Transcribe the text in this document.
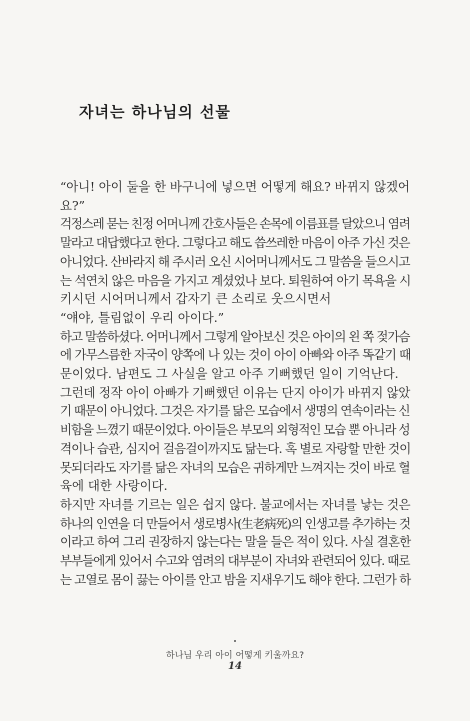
자녀는 하나님의 선물
“아니! 아이 둘을 한 바구니에 넣으면 어떻게 해요? 바뀌지 않겠어
요?”
걱정스레 묻는 친정 어머니께 간호사들은 손목에 이름표를 달았으니 염려
말라고 대답했다고 한다. 그렇다고 해도 씁쓰레한 마음이 아주 가신 것은
아니었다. 산바라지 해 주시러 오신 시어머니께서도 그 말씀을 들으시고
는 석연치 않은 마음을 가지고 계셨었나 보다. 퇴원하여 아기 목욕을 시
키시던 시어머니께서 갑자기 큰 소리로 웃으시면서
“얘야, 틀림없이 우리 아이다.”
하고 말씀하셨다. 어머니께서 그렇게 알아보신 것은 아이의 왼 쪽 젖가슴
에 가무스름한 자국이 양쪽에 나 있는 것이 아이 아빠와 아주 똑같기 때
문이었다. 남편도 그 사실을 알고 아주 기뻐했던 일이 기억난다.
그런데 정작 아이 아빠가 기뻐했던 이유는 단지 아이가 바뀌지 않았
기 때문이 아니었다. 그것은 자기를 닮은 모습에서 생명의 연속이라는 신
비함을 느꼈기 때문이었다. 아이들은 부모의 외형적인 모습 뿐 아니라 성
격이나 습관, 심지어 걸음걸이까지도 닮는다. 혹 별로 자랑할 만한 것이
못되더라도 자기를 닮은 자녀의 모습은 귀하게만 느껴지는 것이 바로 혈
육에 대한 사랑이다.
하지만 자녀를 기르는 일은 쉽지 않다. 불교에서는 자녀를 낳는 것은
하나의 인연을 더 만들어서 생로병사(生老病死)의 인생고를 추가하는 것
이라고 하여 그리 권장하지 않는다는 말을 들은 적이 있다. 사실 결혼한
부부들에게 있어서 수고와 염려의 대부분이 자녀와 관련되어 있다. 때로
는 고열로 몸이 끓는 아이를 안고 밤을 지새우기도 해야 한다. 그런가 하
하나님 우리 아이 어떻게 키울까요?
14
